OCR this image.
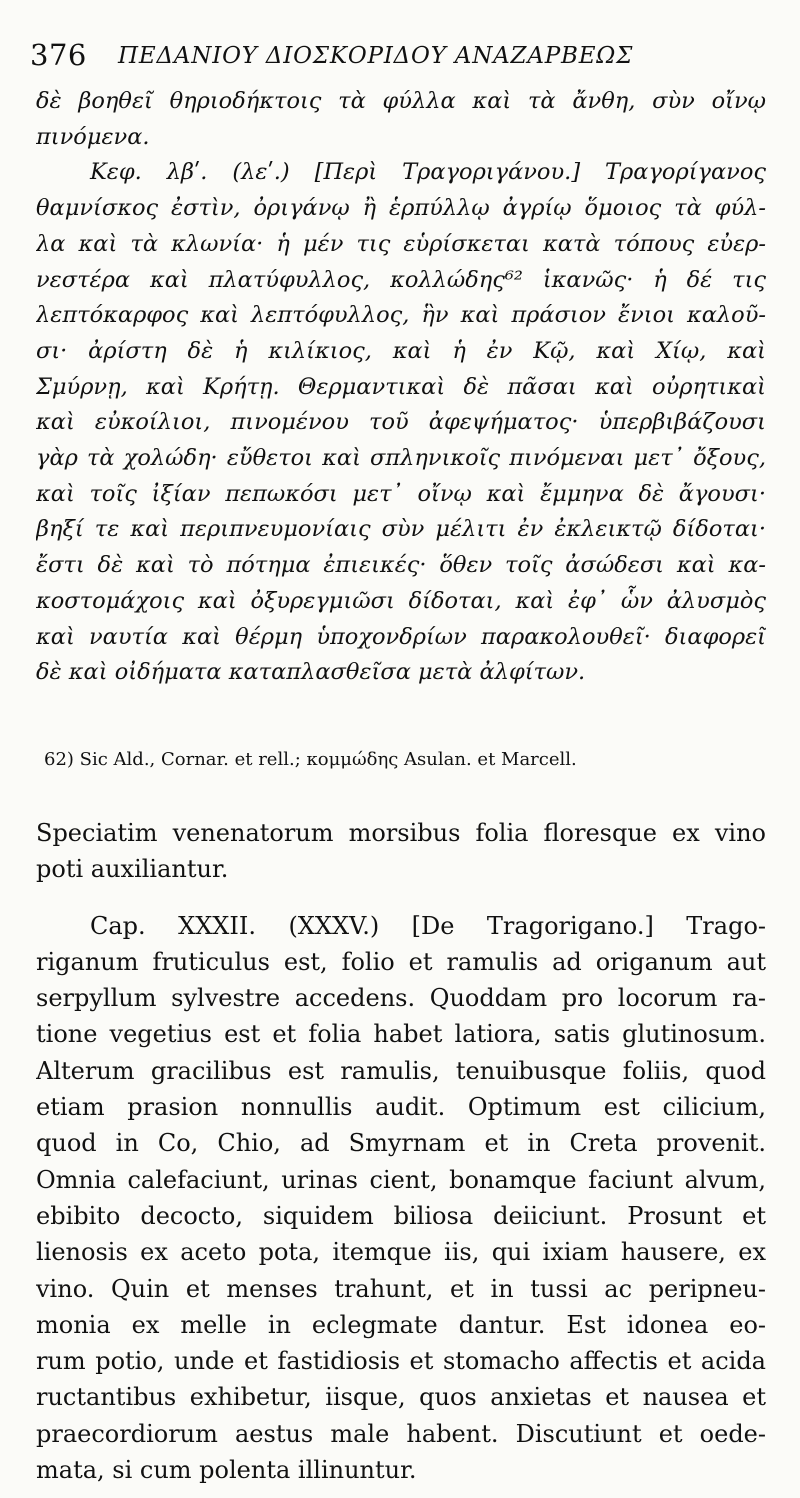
376 ΠΕΔΑΝΙΟΥ ΔΙΟΣΚΟΡΙΔΟΥ ΑΝΑΖΑΡΒΕΩΣ
δὲ βοηθεῖ θηριοδήκτοις τὰ φύλλα καὶ τὰ ἄνθη, σὺν οἴνῳ
πινόμενα.
Κεφ. λβʹ. (λεʹ.) [Περὶ Τραγοριγάνου.] Τραγορίγανος
θαμνίσκος ἐστὶν, ὀριγάνῳ ἢ ἑρπύλλῳ ἀγρίῳ ὅμοιος τὰ φύλ-
λα καὶ τὰ κλωνία· ἡ μέν τις εὑρίσκεται κατὰ τόπους εὐερ-
νεστέρα καὶ πλατύφυλλος, κολλώδης⁶² ἱκανῶς· ἡ δέ τις
λεπτόκαρφος καὶ λεπτόφυλλος, ἣν καὶ πράσιον ἔνιοι καλοῦ-
σι· ἀρίστη δὲ ἡ κιλίκιος, καὶ ἡ ἐν Κῷ, καὶ Χίῳ, καὶ
Σμύρνῃ, καὶ Κρήτῃ. Θερμαντικαὶ δὲ πᾶσαι καὶ οὐρητικαὶ
καὶ εὐκοίλιοι, πινομένου τοῦ ἀφεψήματος· ὑπερβιβάζουσι
γὰρ τὰ χολώδη· εὔθετοι καὶ σπληνικοῖς πινόμεναι μετ᾽ ὄξους,
καὶ τοῖς ἰξίαν πεπωκόσι μετ᾽ οἴνῳ καὶ ἔμμηνα δὲ ἄγουσι·
βηξί τε καὶ περιπνευμονίαις σὺν μέλιτι ἐν ἐκλεικτῷ δίδοται·
ἔστι δὲ καὶ τὸ πότημα ἐπιεικές· ὅθεν τοῖς ἀσώδεσι καὶ κα-
κοστομάχοις καὶ ὀξυρεγμιῶσι δίδοται, καὶ ἐφ᾽ ὧν ἀλυσμὸς
καὶ ναυτία καὶ θέρμη ὑποχονδρίων παρακολουθεῖ· διαφορεῖ
δὲ καὶ οἰδήματα καταπλασθεῖσα μετὰ ἀλφίτων.
62) Sic Ald., Cornar. et rell.; κομμώδης Asulan. et Marcell.
Speciatim venenatorum morsibus folia floresque ex vino
poti auxiliantur.
Cap. XXXII. (XXXV.) [De Tragorigano.] Trago-
riganum fruticulus est, folio et ramulis ad origanum aut
serpyllum sylvestre accedens. Quoddam pro locorum ra-
tione vegetius est et folia habet latiora, satis glutinosum.
Alterum gracilibus est ramulis, tenuibusque foliis, quod
etiam prasion nonnullis audit. Optimum est cilicium,
quod in Co, Chio, ad Smyrnam et in Creta provenit.
Omnia calefaciunt, urinas cient, bonamque faciunt alvum,
ebibito decocto, siquidem biliosa deiiciunt. Prosunt et
lienosis ex aceto pota, itemque iis, qui ixiam hausere, ex
vino. Quin et menses trahunt, et in tussi ac peripneu-
monia ex melle in eclegmate dantur. Est idonea eo-
rum potio, unde et fastidiosis et stomacho affectis et acida
ructantibus exhibetur, iisque, quos anxietas et nausea et
praecordiorum aestus male habent. Discutiunt et oede-
mata, si cum polenta illinuntur.
